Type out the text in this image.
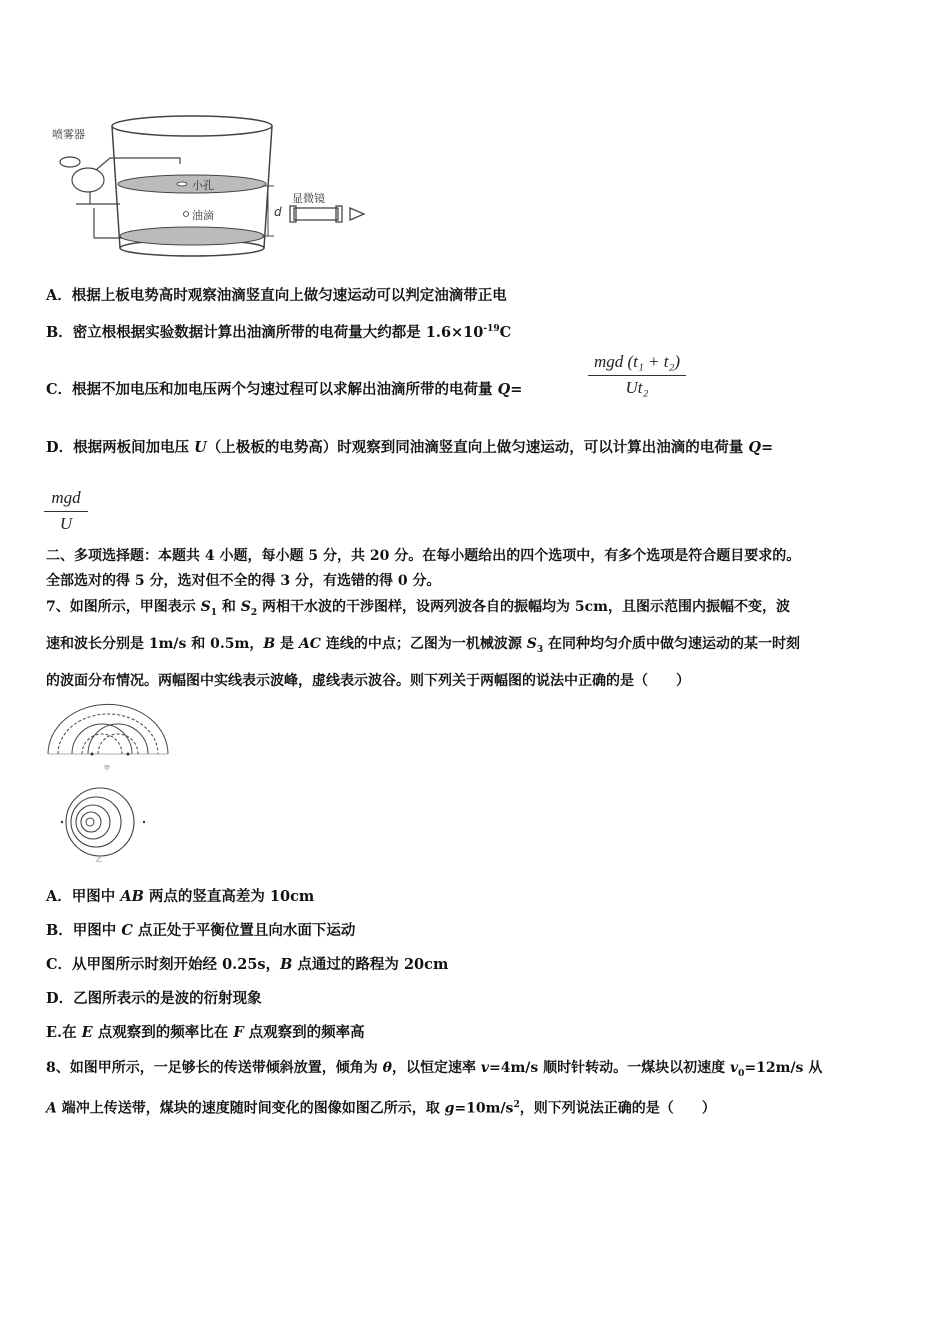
喷雾器
小孔
油滴
显微镜
d
A．根据上板电势高时观察油滴竖直向上做匀速运动可以判定油滴带正电
B．密立根根据实验数据计算出油滴所带的电荷量大约都是 $1.6\times 10^{-19}C$
C．根据不加电压和加电压两个匀速过程可以求解出油滴所带的电荷量 Q=
mgd (t₁ + t₂)
Ut₂
D．根据两板间加电压 U（上极板的电势高）时观察到同油滴竖直向上做匀速运动，可以计算出油滴的电荷量 Q=
mgd
U
二、多项选择题：本题共 4 小题，每小题 5 分，共 20 分。在每小题给出的四个选项中，有多个选项是符合题目要求的。
全部选对的得 5 分，选对但不全的得 3 分，有选错的得 0 分。
7、如图所示，甲图表示 $S_1$ 和 $S_2$ 两相干水波的干涉图样，设两列波各自的振幅均为 5cm，且图示范围内振幅不变，波
速和波长分别是 1m/s 和 0.5m，B 是 AC 连线的中点；乙图为一机械波源 $S_3$ 在同种均匀介质中做匀速运动的某一时刻
的波面分布情况。两幅图中实线表示波峰，虚线表示波谷。则下列关于两幅图的说法中正确的是（　　）
甲
乙
A．甲图中 AB 两点的竖直高差为 10cm
B．甲图中 C 点正处于平衡位置且向水面下运动
C．从甲图所示时刻开始经 0.25s，B 点通过的路程为 20cm
D．乙图所表示的是波的衍射现象
E.在 E 点观察到的频率比在 F 点观察到的频率高
8、如图甲所示，一足够长的传送带倾斜放置，倾角为 θ，以恒定速率 v=4m/s 顺时针转动。一煤块以初速度 $v_0=12m/s$ 从
A 端冲上传送带，煤块的速度随时间变化的图像如图乙所示，取 $g=10m/s^2$，则下列说法正确的是（　　）
